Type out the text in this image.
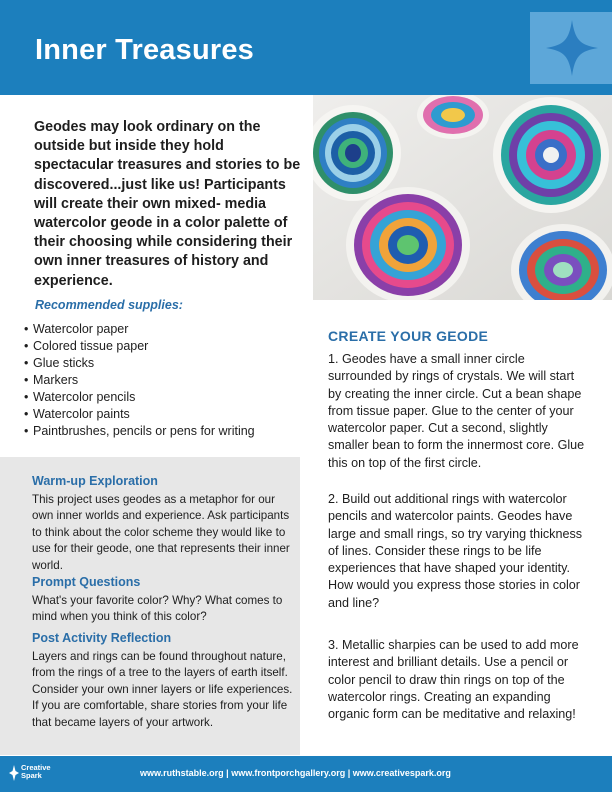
Inner Treasures
Geodes may look ordinary on the outside but inside they hold spectacular treasures and stories to be discovered...just like us! Participants will create their own mixed- media watercolor geode in a color palette of their choosing while considering their own inner treasures of history and experience.
Recommended supplies:
• Watercolor paper
• Colored tissue paper
• Glue sticks
• Markers
• Watercolor pencils
• Watercolor paints
• Paintbrushes, pencils or pens for writing
Warm-up Exploration
This project uses geodes as a metaphor for our own inner worlds and experience. Ask participants to think about the color scheme they would like to use for their geode, one that represents their inner world.
Prompt Questions
What's your favorite color? Why? What comes to mind when you think of this color?
Post Activity Reflection
Layers and rings can be found throughout nature, from the rings of a tree to the layers of earth itself. Consider your own inner layers or life experiences. If you are comfortable, share stories from your life that became layers of your artwork.
CREATE YOUR GEODE
1. Geodes have a small inner circle surrounded by rings of crystals. We will start by creating the inner circle. Cut a bean shape from tissue paper. Glue to the center of your watercolor paper. Cut a second, slightly smaller bean to form the innermost core. Glue this on top of the first circle.
2. Build out additional rings with watercolor pencils and watercolor paints. Geodes have large and small rings, so try varying thickness of lines. Consider these rings to be life experiences that have shaped your identity. How would you express those stories in color and line?
3. Metallic sharpies can be used to add more interest and brilliant details. Use a pencil or color pencil to draw thin rings on top of the watercolor rings. Creating an expanding organic form can be meditative and relaxing!
Creative Spark	www.ruthstable.org | www.frontporchgallery.org | www.creativespark.org
